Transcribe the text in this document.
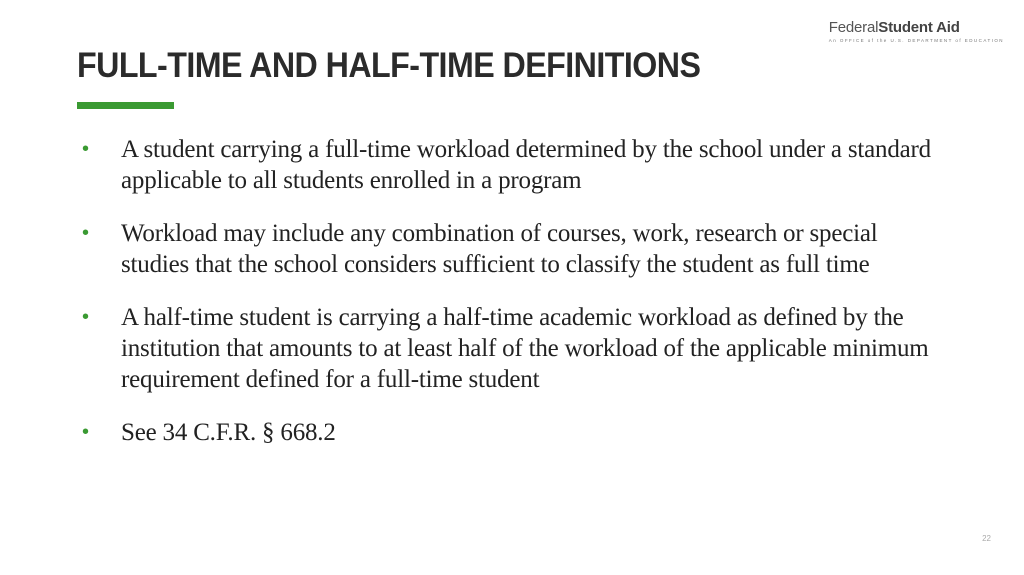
FederalStudent Aid
An OFFICE of the U.S. DEPARTMENT of EDUCATION
FULL-TIME AND HALF-TIME DEFINITIONS
• A student carrying a full-time workload determined by the school under a standard applicable to all students enrolled in a program
• Workload may include any combination of courses, work, research or special studies that the school considers sufficient to classify the student as full time
• A half-time student is carrying a half-time academic workload as defined by the institution that amounts to at least half of the workload of the applicable minimum requirement defined for a full-time student
• See 34 C.F.R. § 668.2
22
